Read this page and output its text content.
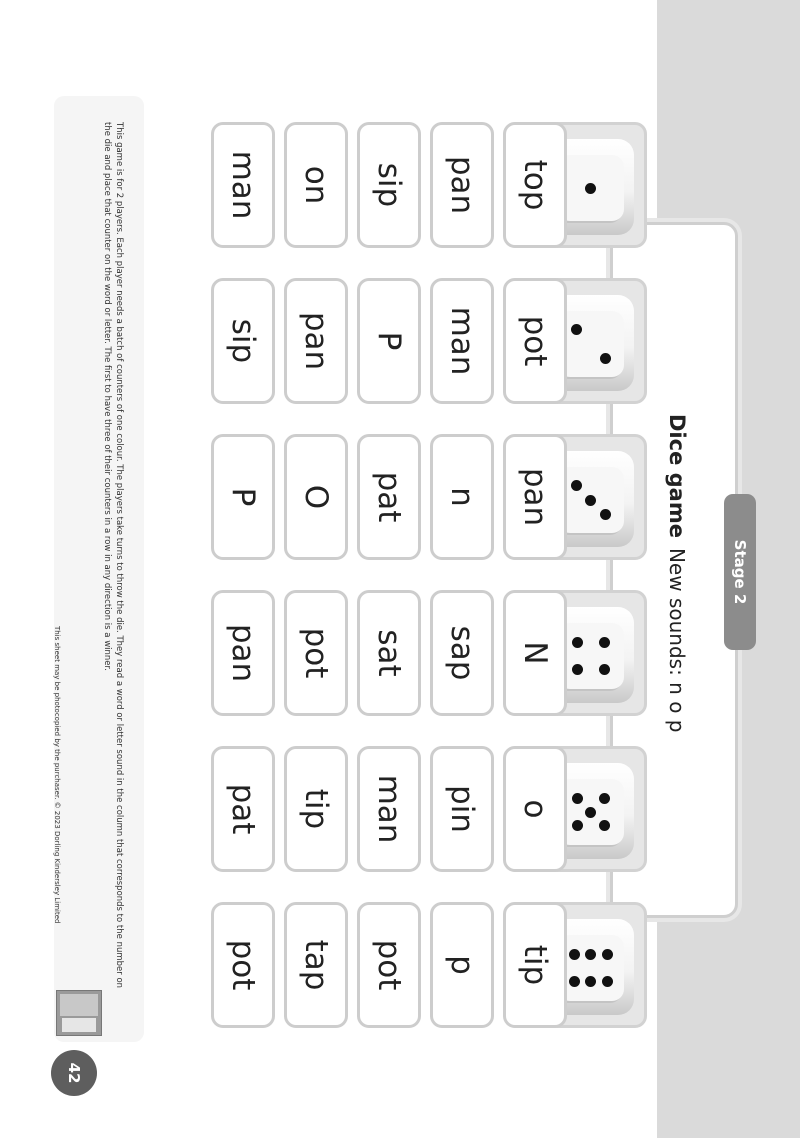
Stage 2
Dice game
New sounds: n o p
top
pot
pan
N
o
tip
pan
man
n
sap
pin
p
sip
P
pat
sat
man
pot
on
pan
O
pot
tip
tap
man
sip
P
pan
pat
pot
This game is for 2 players. Each player needs a batch of counters of one colour. The players take turns to throw the die. They read a word or letter sound in the column that corresponds to the number on the die and place that counter on the word or letter. The first to have three of their counters in a row in any direction is a winner.
This sheet may be photocopied by the purchaser. © 2023 Dorling Kindersley Limited
42
